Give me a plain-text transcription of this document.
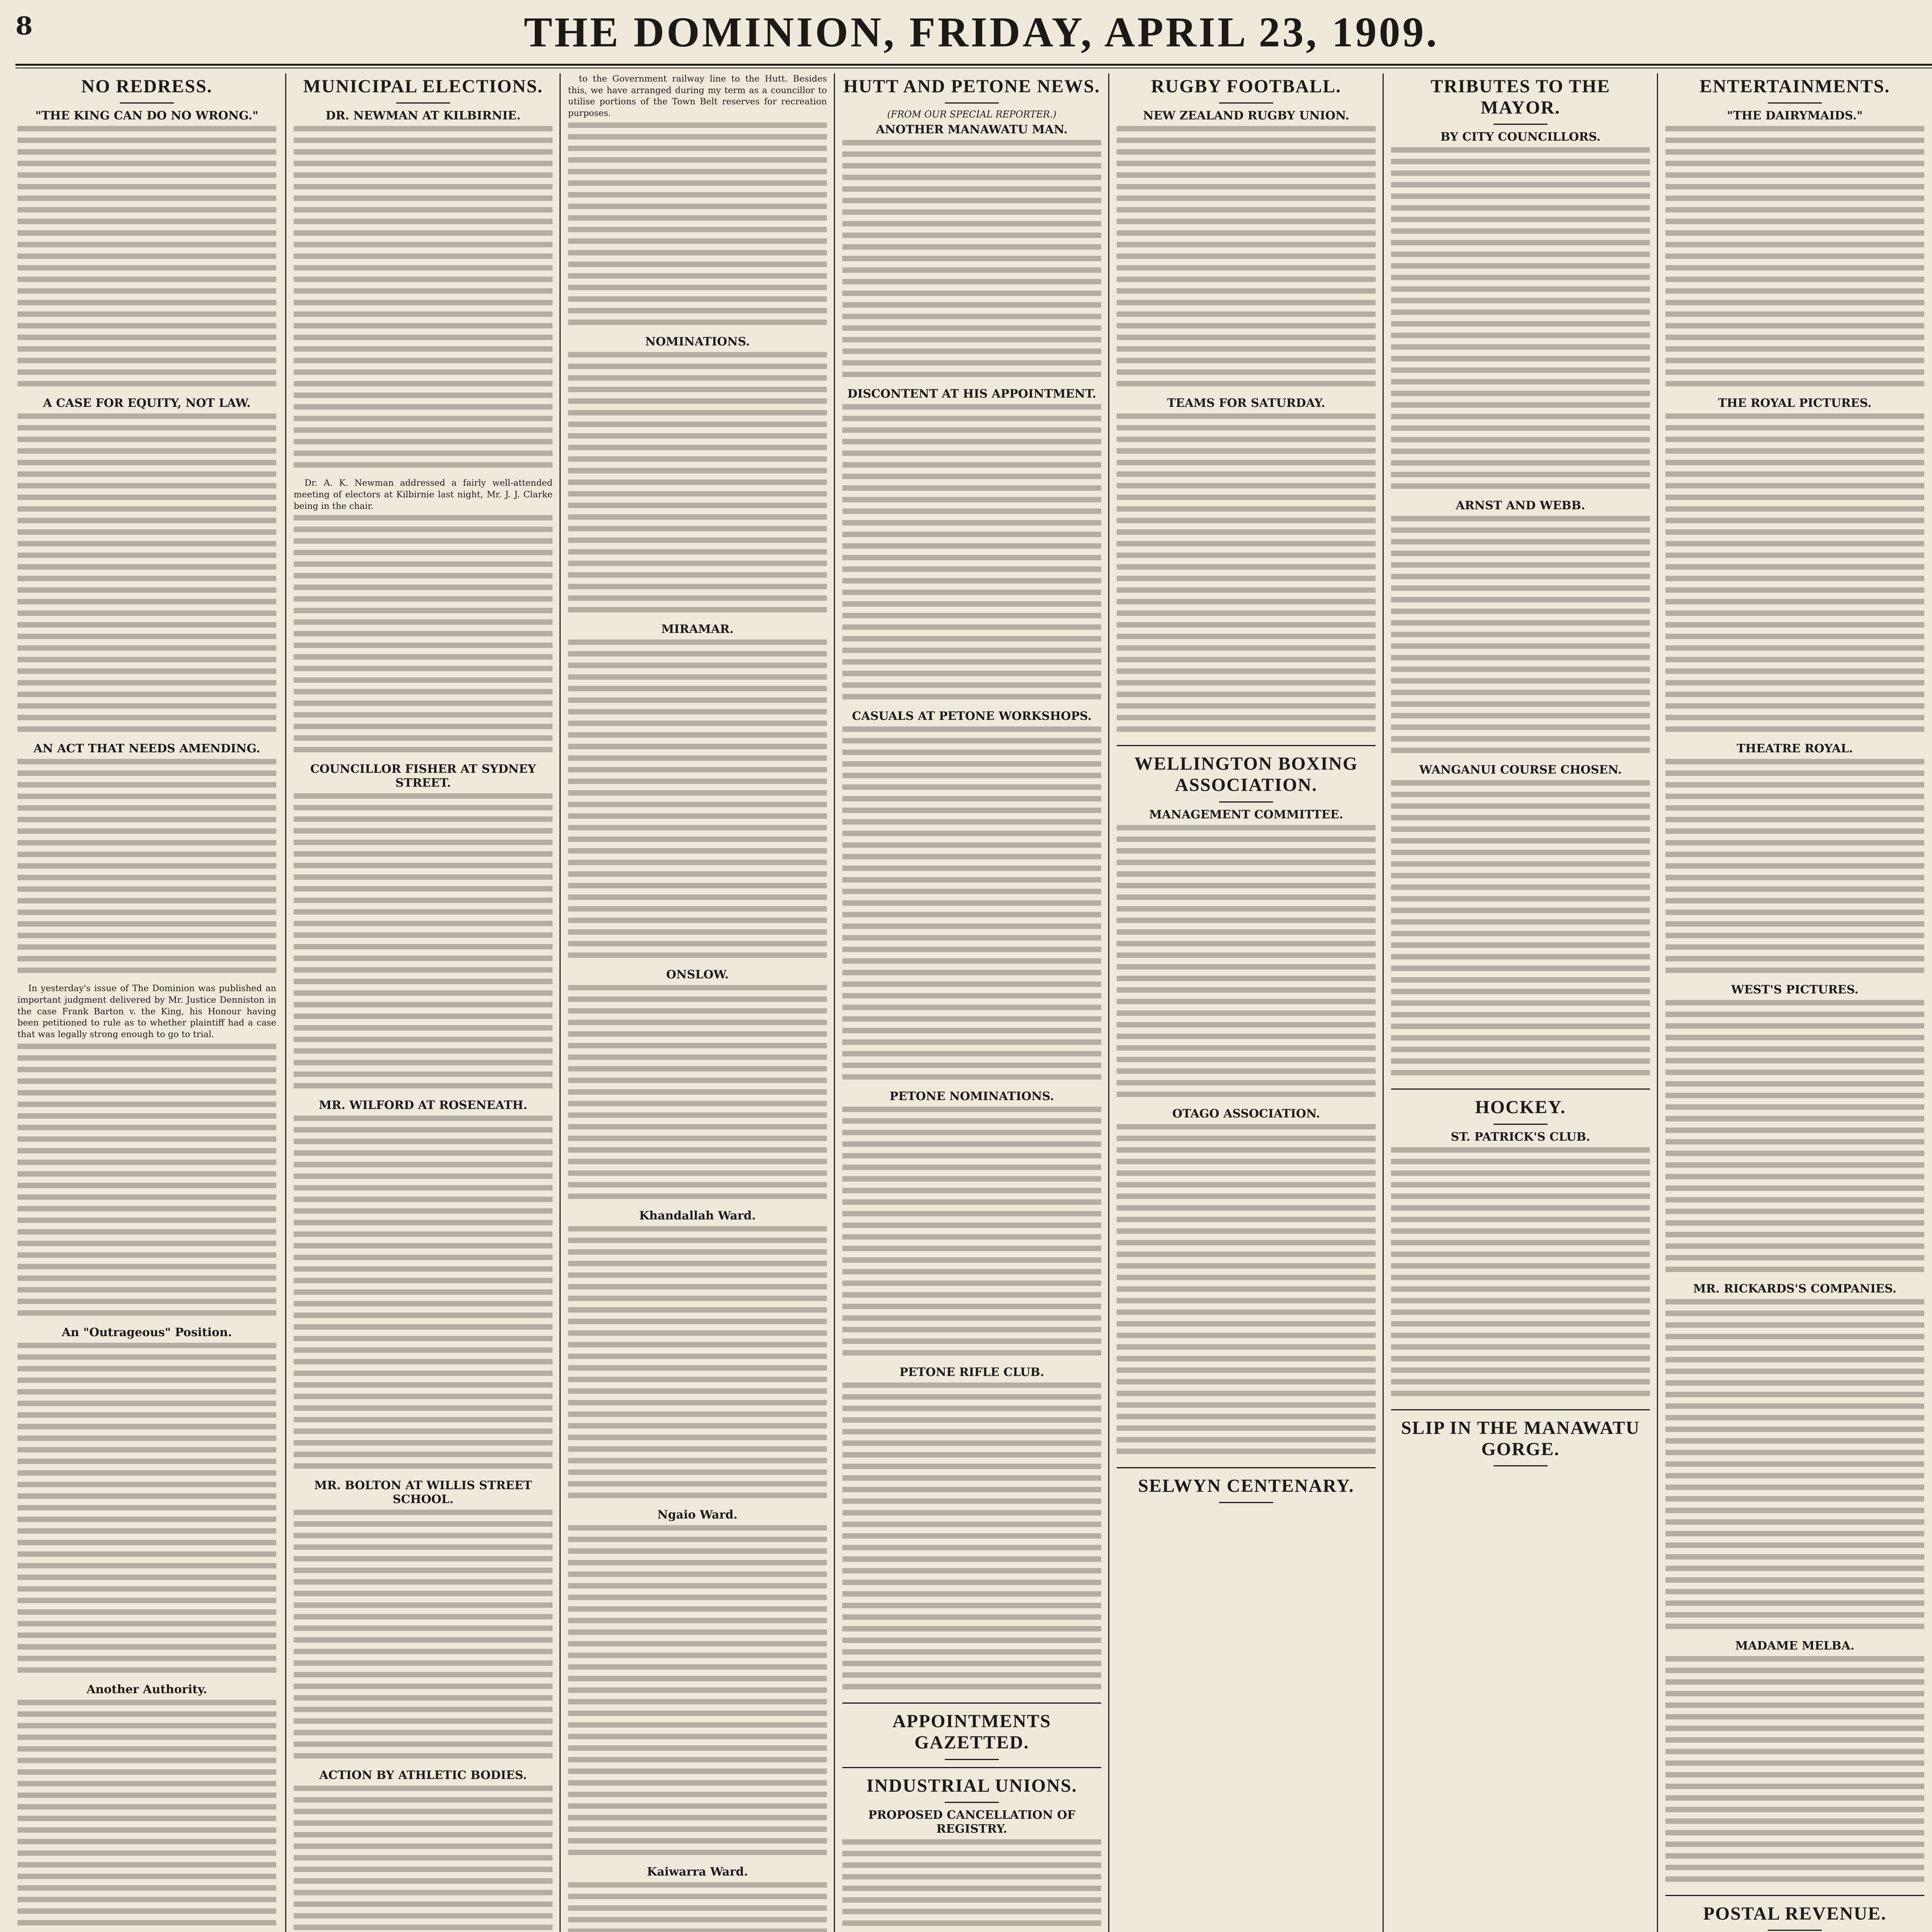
8	THE DOMINION, FRIDAY, APRIL 23, 1909.
NO REDRESS.
"THE KING CAN DO NO WRONG."
A CASE FOR EQUITY, NOT LAW.
AN ACT THAT NEEDS AMENDING.

In yesterday's issue of The Dominion was published an important judgment delivered by Mr. Justice Denniston in the case Frank Barton v. the King, his Honour having been petitioned to rule as to whether plaintiff had a case that was legally strong enough to go to trial.

An "Outrageous" Position.
Another Authority.
MUNICIPAL ELECTIONS.
DR. NEWMAN AT KILBIRNIE.

Dr. A. K. Newman addressed a fairly well-attended meeting of electors at Kilbirnie last night, Mr. J. J. Clarke being in the chair.

COUNCILLOR FISHER AT SYDNEY STREET.
MR. WILFORD AT ROSENEATH.
MR. BOLTON AT WILLIS STREET SCHOOL.
ACTION BY ATHLETIC BODIES.

to the Government railway line to the Hutt. Besides this, we have arranged during my term as a councillor to utilise portions of the Town Belt reserves for recreation purposes.

NOMINATIONS.
MIRAMAR.
ONSLOW.
Khandallah Ward.
Ngaio Ward.
Kaiwarra Ward.
HUTT AND PETONE NEWS.
(FROM OUR SPECIAL REPORTER.)
ANOTHER MANAWATU MAN.
DISCONTENT AT HIS APPOINTMENT.
CASUALS AT PETONE WORKSHOPS.
PETONE NOMINATIONS.
PETONE RIFLE CLUB.
APPOINTMENTS GAZETTED.
INDUSTRIAL UNIONS.
PROPOSED CANCELLATION OF REGISTRY.
RUGBY FOOTBALL.
NEW ZEALAND RUGBY UNION.
TEAMS FOR SATURDAY.
WELLINGTON BOXING ASSOCIATION.
MANAGEMENT COMMITTEE.
OTAGO ASSOCIATION.
SELWYN CENTENARY.
TRIBUTES TO THE MAYOR.
BY CITY COUNCILLORS.
ARNST AND WEBB.
WANGANUI COURSE CHOSEN.
HOCKEY.
ST. PATRICK'S CLUB.
SLIP IN THE MANAWATU GORGE.
ENTERTAINMENTS.
"THE DAIRYMAIDS."
THE ROYAL PICTURES.
THEATRE ROYAL.
WEST'S PICTURES.
MR. RICKARDS'S COMPANIES.
MADAME MELBA.
POSTAL REVENUE.
